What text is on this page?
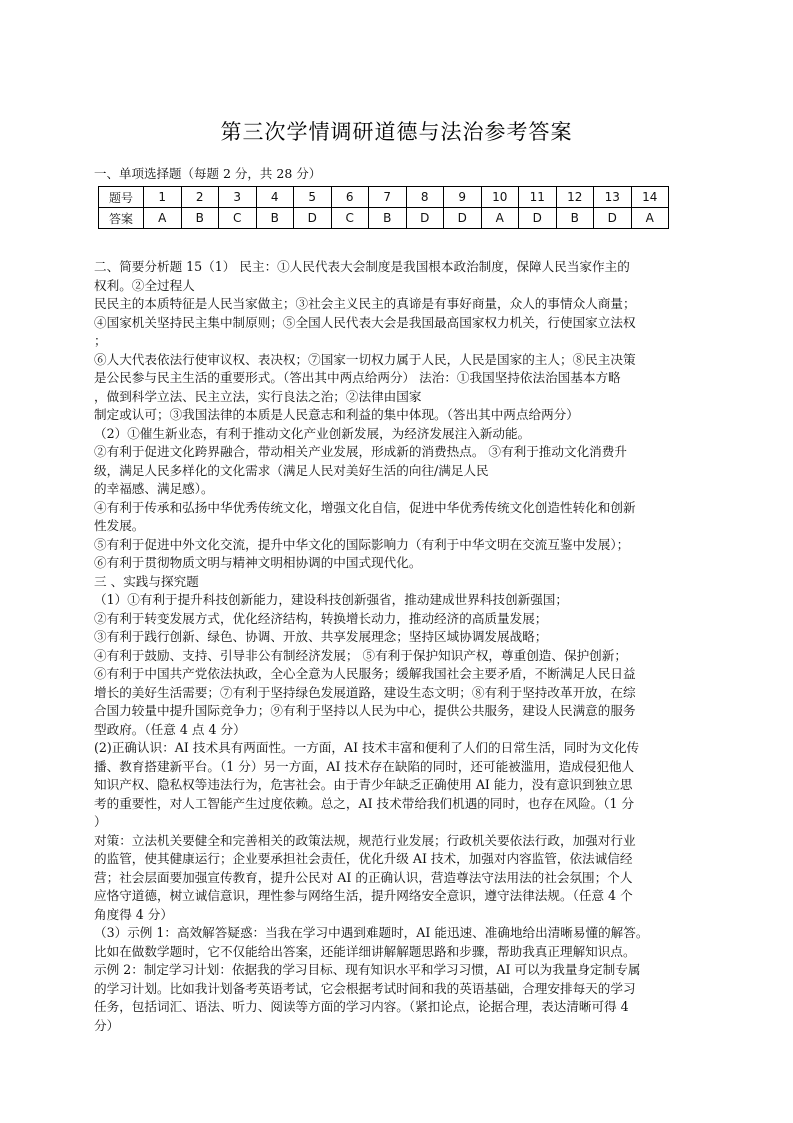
第三次学情调研道德与法治参考答案
一、单项选择题（每题 2 分，共 28 分）
题号	1	2	3	4	5	6	7	8	9	10	11	12	13	14
答案	A	B	C	B	D	C	B	D	D	A	D	B	D	A
二、简要分析题 15（1） 民主：①人民代表大会制度是我国根本政治制度，保障人民当家作主的
权利。②全过程人
民民主的本质特征是人民当家做主；③社会主义民主的真谛是有事好商量，众人的事情众人商量；
④国家机关坚持民主集中制原则；⑤全国人民代表大会是我国最高国家权力机关，行使国家立法权
；
⑥人大代表依法行使审议权、表决权；⑦国家一切权力属于人民，人民是国家的主人；⑧民主决策
是公民参与民主生活的重要形式。（答出其中两点给两分） 法治：①我国坚持依法治国基本方略
，做到科学立法、民主立法，实行良法之治；②法律由国家
制定或认可；③我国法律的本质是人民意志和利益的集中体现。（答出其中两点给两分）
（2）①催生新业态，有利于推动文化产业创新发展，为经济发展注入新动能。
②有利于促进文化跨界融合，带动相关产业发展，形成新的消费热点。 ③有利于推动文化消费升
级，满足人民多样化的文化需求（满足人民对美好生活的向往/满足人民
的幸福感、满足感）。
④有利于传承和弘扬中华优秀传统文化，增强文化自信，促进中华优秀传统文化创造性转化和创新
性发展。
⑤有利于促进中外文化交流，提升中华文化的国际影响力（有利于中华文明在交流互鉴中发展）；
⑥有利于贯彻物质文明与精神文明相协调的中国式现代化。
三 、实践与探究题
（1）①有利于提升科技创新能力，建设科技创新强省，推动建成世界科技创新强国；
②有利于转变发展方式，优化经济结构，转换增长动力，推动经济的高质量发展；
③有利于践行创新、绿色、协调、开放、共享发展理念；坚持区域协调发展战略；
④有利于鼓励、支持、引导非公有制经济发展； ⑤有利于保护知识产权，尊重创造、保护创新；
⑥有利于中国共产党依法执政，全心全意为人民服务；缓解我国社会主要矛盾，不断满足人民日益
增长的美好生活需要；⑦有利于坚持绿色发展道路，建设生态文明；⑧有利于坚持改革开放，在综
合国力较量中提升国际竞争力；⑨有利于坚持以人民为中心，提供公共服务，建设人民满意的服务
型政府。（任意 4 点 4 分）
(2)正确认识：AI 技术具有两面性。一方面，AI 技术丰富和便利了人们的日常生活，同时为文化传
播、教育搭建新平台。（1 分）另一方面，AI 技术存在缺陷的同时，还可能被滥用，造成侵犯他人
知识产权、隐私权等违法行为，危害社会。由于青少年缺乏正确使用 AI 能力，没有意识到独立思
考的重要性，对人工智能产生过度依赖。总之，AI 技术带给我们机遇的同时，也存在风险。（1 分
）
对策：立法机关要健全和完善相关的政策法规，规范行业发展；行政机关要依法行政，加强对行业
的监管，使其健康运行；企业要承担社会责任，优化升级 AI 技术，加强对内容监管，依法诚信经
营；社会层面要加强宣传教育，提升公民对 AI 的正确认识，营造尊法守法用法的社会氛围；个人
应恪守道德，树立诚信意识，理性参与网络生活，提升网络安全意识，遵守法律法规。（任意 4 个
角度得 4 分）
（3）示例 1：高效解答疑惑：当我在学习中遇到难题时，AI 能迅速、准确地给出清晰易懂的解答。
比如在做数学题时，它不仅能给出答案，还能详细讲解解题思路和步骤，帮助我真正理解知识点。
示例 2：制定学习计划：依据我的学习目标、现有知识水平和学习习惯，AI 可以为我量身定制专属
的学习计划。比如我计划备考英语考试，它会根据考试时间和我的英语基础，合理安排每天的学习
任务，包括词汇、语法、听力、阅读等方面的学习内容。（紧扣论点，论据合理，表达清晰可得 4
分）
